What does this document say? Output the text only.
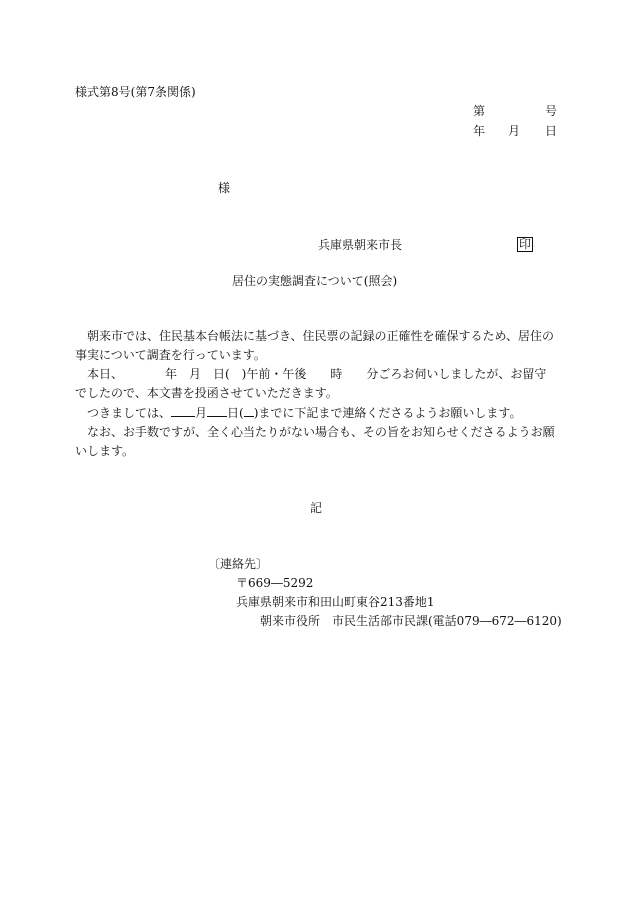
様式第8号(第7条関係)
第	号
年 月 日
様
兵庫県朝来市長	印
居住の実態調査について(照会)
朝来市では、住民基本台帳法に基づき、住民票の記録の正確性を確保するため、居住の
事実について調査を行っています。
本日、　　　　年　月　日(　)午前・午後　　時　　分ごろお伺いしましたが、お留守
でしたので、本文書を投函させていただきます。
つきましては、 月 日( )までに下記まで連絡くださるようお願いします。
なお、お手数ですが、全く心当たりがない場合も、その旨をお知らせくださるようお願
いします。
記
〔連絡先〕
〒669―5292
兵庫県朝来市和田山町東谷213番地1
朝来市役所　市民生活部市民課(電話079―672―6120)
